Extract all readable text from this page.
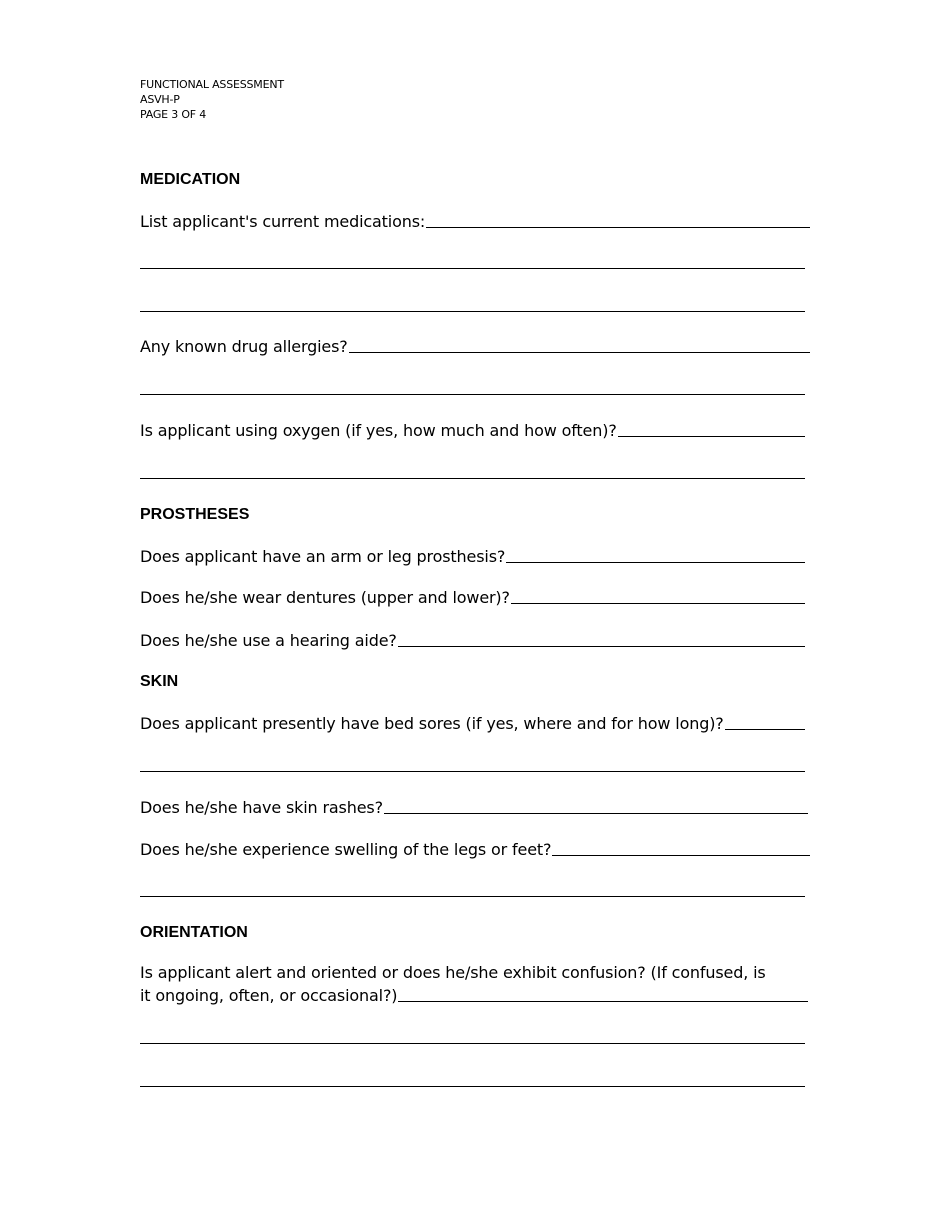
FUNCTIONAL ASSESSMENT
ASVH-P
PAGE 3 OF 4
MEDICATION
List applicant's current medications:
Any known drug allergies?
Is applicant using oxygen (if yes, how much and how often)?
PROSTHESES
Does applicant have an arm or leg prosthesis?
Does he/she wear dentures (upper and lower)?
Does he/she use a hearing aide?
SKIN
Does applicant presently have bed sores (if yes, where and for how long)?
Does he/she have skin rashes?
Does he/she experience swelling of the legs or feet?
ORIENTATION
Is applicant alert and oriented or does he/she exhibit confusion? (If confused, is
it ongoing, often, or occasional?)
